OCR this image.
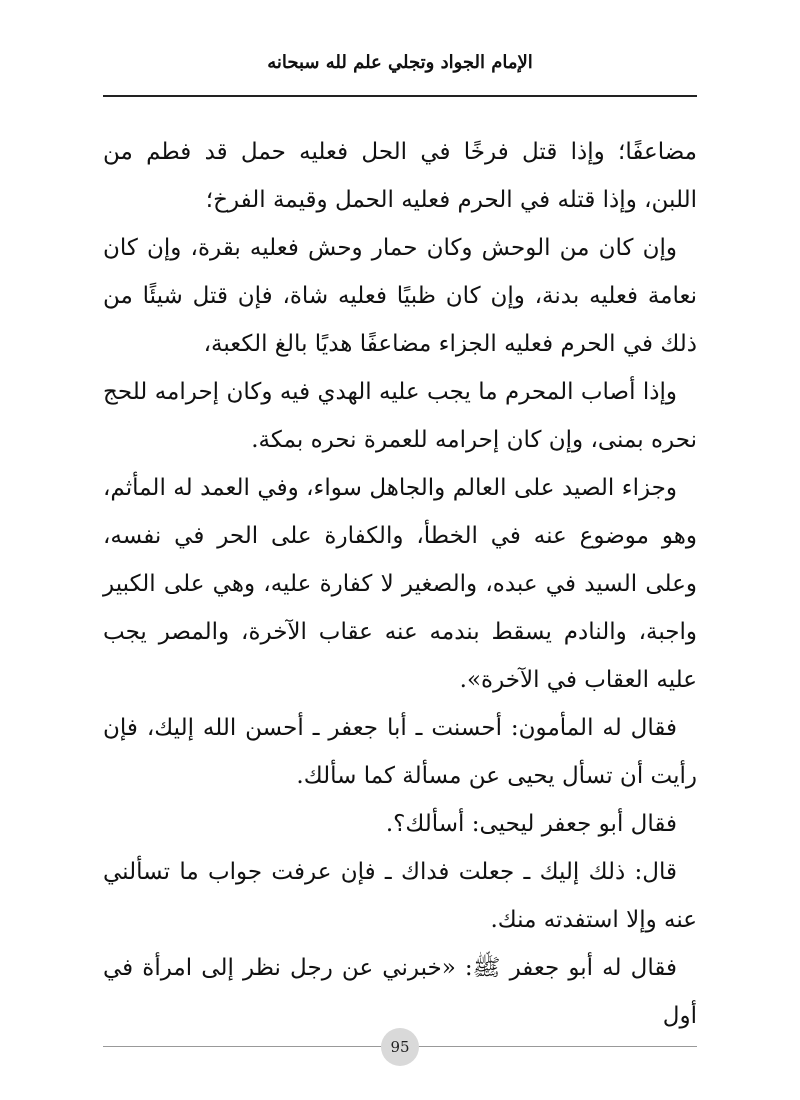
الإمام الجواد وتجلي علم لله سبحانه
مضاعفًا؛ وإذا قتل فرخًا في الحل فعليه حمل قد فطم من اللبن، وإذا قتله في الحرم فعليه الحمل وقيمة الفرخ؛
وإن كان من الوحش وكان حمار وحش فعليه بقرة، وإن كان نعامة فعليه بدنة، وإن كان ظبيًا فعليه شاة، فإن قتل شيئًا من ذلك في الحرم فعليه الجزاء مضاعفًا هديًا بالغ الكعبة،
وإذا أصاب المحرم ما يجب عليه الهدي فيه وكان إحرامه للحج نحره بمنى، وإن كان إحرامه للعمرة نحره بمكة.
وجزاء الصيد على العالم والجاهل سواء، وفي العمد له المأثم، وهو موضوع عنه في الخطأ، والكفارة على الحر في نفسه، وعلى السيد في عبده، والصغير لا كفارة عليه، وهي على الكبير واجبة، والنادم يسقط بندمه عنه عقاب الآخرة، والمصر يجب عليه العقاب في الآخرة».
فقال له المأمون: أحسنت ـ أبا جعفر ـ أحسن الله إليك، فإن رأيت أن تسأل يحيى عن مسألة كما سألك.
فقال أبو جعفر ليحيى: أسألك؟.
قال: ذلك إليك ـ جعلت فداك ـ فإن عرفت جواب ما تسألني عنه وإلا استفدته منك.
فقال له أبو جعفر ﷺ: «خبرني عن رجل نظر إلى امرأة في أول
95
